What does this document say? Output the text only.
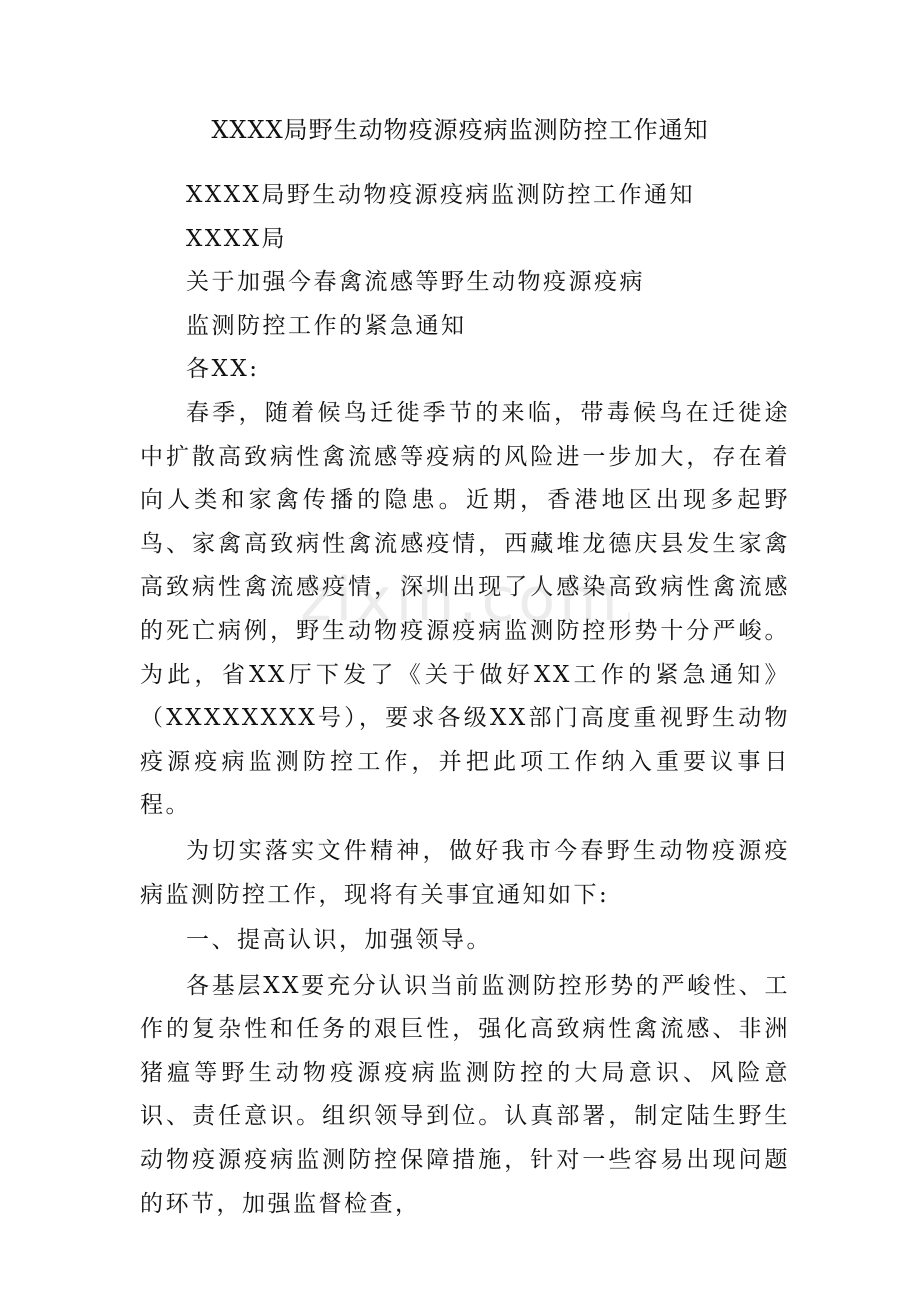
XXXX局野生动物疫源疫病监测防控工作通知

XXXX局野生动物疫源疫病监测防控工作通知

XXXX局

关于加强今春禽流感等野生动物疫源疫病

监测防控工作的紧急通知

各XX:

春季，随着候鸟迁徙季节的来临，带毒候鸟在迁徙途中扩散高致病性禽流感等疫病的风险进一步加大，存在着向人类和家禽传播的隐患。近期，香港地区出现多起野鸟、家禽高致病性禽流感疫情，西藏堆龙德庆县发生家禽高致病性禽流感疫情，深圳出现了人感染高致病性禽流感的死亡病例，野生动物疫源疫病监测防控形势十分严峻。为此，省XX厅下发了《关于做好XX工作的紧急通知》（XXXXXXXX号），要求各级XX部门高度重视野生动物疫源疫病监测防控工作，并把此项工作纳入重要议事日程。

为切实落实文件精神，做好我市今春野生动物疫源疫病监测防控工作，现将有关事宜通知如下:

一、提高认识，加强领导。

各基层XX要充分认识当前监测防控形势的严峻性、工作的复杂性和任务的艰巨性，强化高致病性禽流感、非洲猪瘟等野生动物疫源疫病监测防控的大局意识、风险意识、责任意识。组织领导到位。认真部署，制定陆生野生动物疫源疫病监测防控保障措施，针对一些容易出现问题的环节，加强监督检查，

zixin.com
